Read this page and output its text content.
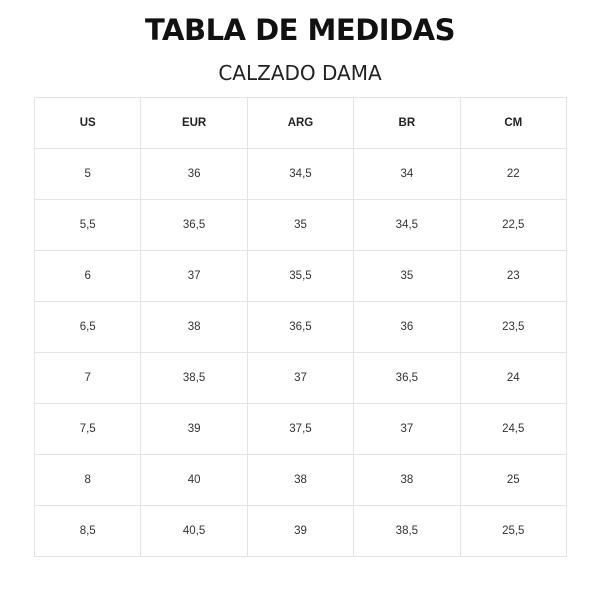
TABLA DE MEDIDAS
CALZADO DAMA
US	EUR	ARG	BR	CM
5	36	34,5	34	22
5,5	36,5	35	34,5	22,5
6	37	35,5	35	23
6,5	38	36,5	36	23,5
7	38,5	37	36,5	24
7,5	39	37,5	37	24,5
8	40	38	38	25
8,5	40,5	39	38,5	25,5
